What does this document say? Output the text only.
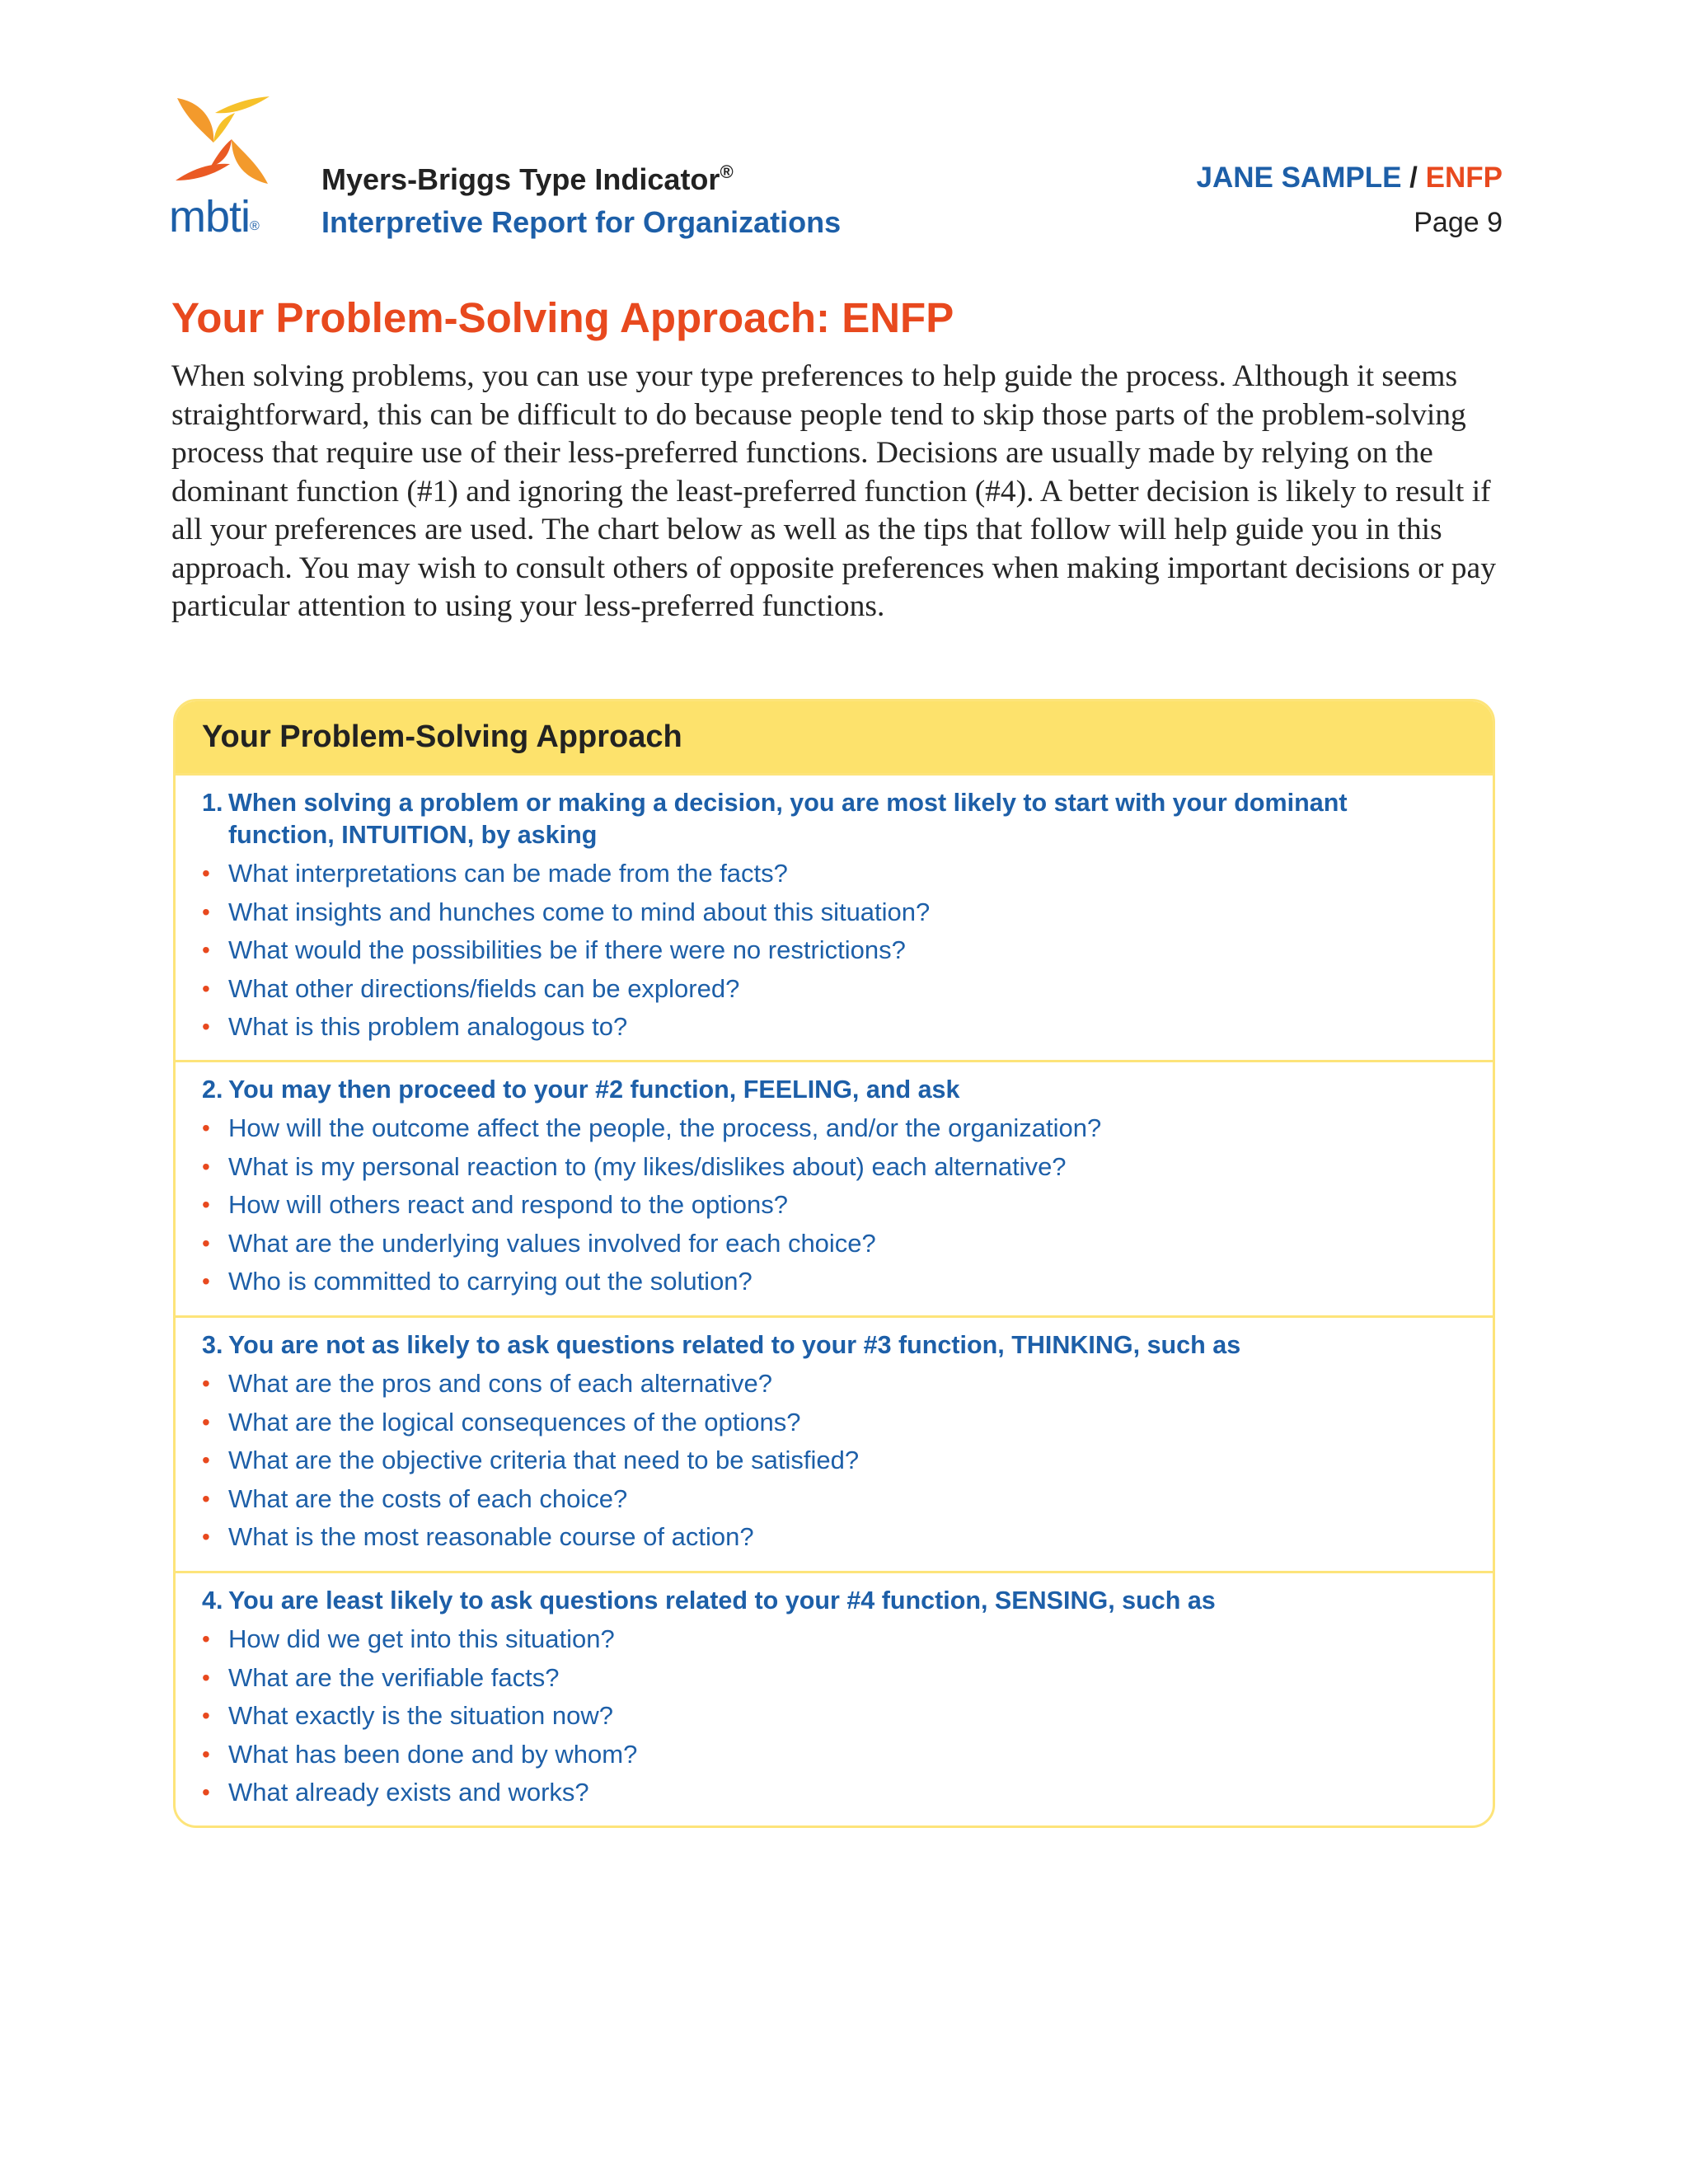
mbti®
Myers-Briggs Type Indicator®
Interpretive Report for Organizations
JANE SAMPLE / ENFP
Page 9
Your Problem-Solving Approach: ENFP

When solving problems, you can use your type preferences to help guide the process. Although it seems straightforward, this can be difficult to do because people tend to skip those parts of the problem-solving process that require use of their less-preferred functions. Decisions are usually made by relying on the dominant function (#1) and ignoring the least-preferred function (#4). A better decision is likely to result if all your preferences are used. The chart below as well as the tips that follow will help guide you in this approach. You may wish to consult others of opposite preferences when making important decisions or pay particular attention to using your less-preferred functions.

Your Problem-Solving Approach
1. When solving a problem or making a decision, you are most likely to start with your dominant function, INTUITION, by asking
• What interpretations can be made from the facts?
• What insights and hunches come to mind about this situation?
• What would the possibilities be if there were no restrictions?
• What other directions/fields can be explored?
• What is this problem analogous to?
2. You may then proceed to your #2 function, FEELING, and ask
• How will the outcome affect the people, the process, and/or the organization?
• What is my personal reaction to (my likes/dislikes about) each alternative?
• How will others react and respond to the options?
• What are the underlying values involved for each choice?
• Who is committed to carrying out the solution?
3. You are not as likely to ask questions related to your #3 function, THINKING, such as
• What are the pros and cons of each alternative?
• What are the logical consequences of the options?
• What are the objective criteria that need to be satisfied?
• What are the costs of each choice?
• What is the most reasonable course of action?
4. You are least likely to ask questions related to your #4 function, SENSING, such as
• How did we get into this situation?
• What are the verifiable facts?
• What exactly is the situation now?
• What has been done and by whom?
• What already exists and works?
